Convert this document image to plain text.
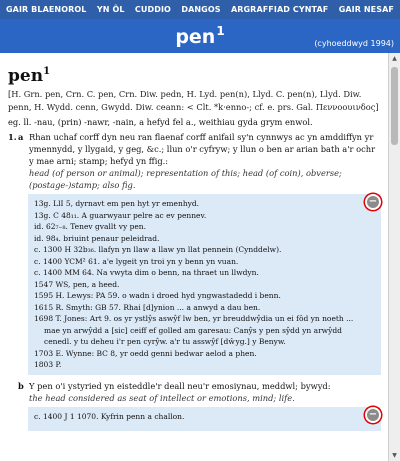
GAIR BLAENOROL YN ÔL CUDDIO DANGOS ARGRAFFIAD CYNTAF GAIR NESAF
pen$^1$
(cyhoeddwyd 1994)
pen$^1$
[H. Grn. pen, Crn. C. pen, Crn. Diw. pedn, H. Lyd. pen(n), Llyd. C. pen(n), Llyd. Diw. penn, H. Wydd. cenn, Gwydd. Diw. ceann: < Clt. *k·enno-; cf. e. prs. Gal. Πεννοουινδος]
eg. ll. -nau, (prin) -nawr, -nain, a hefyd fel a., weithiau gyda grym enwol.
1. a Rhan uchaf corff dyn neu ran flaenaf corff anifail sy'n cynnwys ac yn amddiffyn yr ymennydd, y llygaid, y geg, &c.; llun o'r cyfryw; y llun o ben ar arian bath a'r ochr y mae arni; stamp; hefyd yn ffig.:
head (of person or animal); representation of this; head (of coin), obverse; (postage-)stamp; also fig.
−
13g. LlI 5, dyrnavt em pen hyt yr emenhyd.
13g. C 48₁₁. A guarwyaur pelre ac ev pennev.
id. 62₇₋₈. Tenev gvallt vy pen.
id. 98₄. briuint penaur peleidrad.
c. 1300 H 32b₃₆. llafyn yn llaw a llaw yn llat pennein (Cynddelw).
c. 1400 YCM² 61. a'e lygeit yn troi yn y benn yn vuan.
c. 1400 MM 64. Na vwyta dim o benn, na thraet un llwdyn.
1547 WS, pen, a heed.
1595 H. Lewys: PA 59. o wadn i droed hyd yngwastadedd i benn.
1615 R. Smyth: GB 57. Rhai [d]ynion ... a anwyd a dau ben.
1698 T. Jones: Art 9. os yr ystlŷs aswŷf lw ben, yr breuddwŷdia un ei fôd yn noeth ... mae yn arwŷdd a [sic] ceiff ef golled am garesau: Canŷs y pen sŷdd yn arwŷdd cenedl. y tu deheu i'r pen cyrŷw. a'r tu asswŷf [dŵyg.] y Benyw.
1703 E. Wynne: BC 8, yr oedd genni bedwar aelod a phen.
1803 P.
b Y pen o'i ystyried yn eisteddle'r deall neu'r emosiynau, meddwl; bywyd:
the head considered as seat of intellect or emotions, mind; life.
−
c. 1400 J 1 1070. Kyfrin penn a challon.
▲
▼
